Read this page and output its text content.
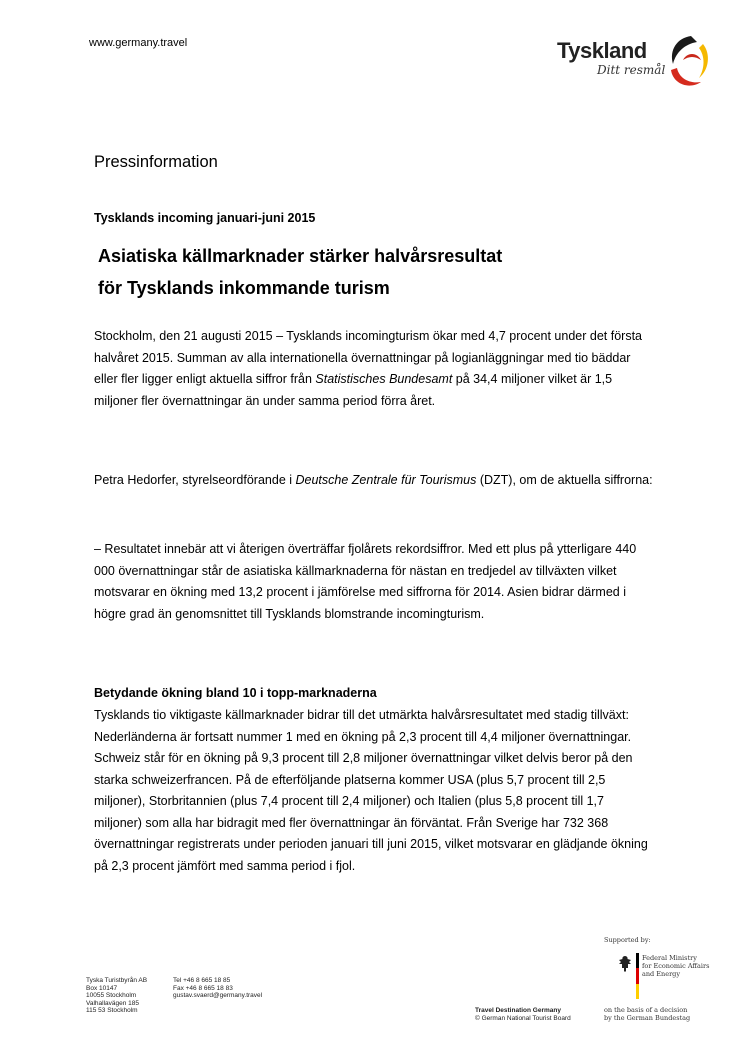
www.germany.travel	Tyskland
Ditt resmål
Pressinformation
Tysklands incoming januari-juni 2015
Asiatiska källmarknader stärker halvårsresultat
för Tysklands inkommande turism
Stockholm, den 21 augusti 2015 – Tysklands incomingturism ökar med 4,7 procent under det första halvåret 2015. Summan av alla internationella övernattningar på logianläggningar med tio bäddar eller fler ligger enligt aktuella siffror från Statistisches Bundesamt på 34,4 miljoner vilket är 1,5 miljoner fler övernattningar än under samma period förra året.
Petra Hedorfer, styrelseordförande i Deutsche Zentrale für Tourismus (DZT), om de aktuella siffrorna:
– Resultatet innebär att vi återigen överträffar fjolårets rekordsiffror. Med ett plus på ytterligare 440 000 övernattningar står de asiatiska källmarknaderna för nästan en tredjedel av tillväxten vilket motsvarar en ökning med 13,2 procent i jämförelse med siffrorna för 2014. Asien bidrar därmed i högre grad än genomsnittet till Tysklands blomstrande incomingturism.
Betydande ökning bland 10 i topp-marknaderna
Tysklands tio viktigaste källmarknader bidrar till det utmärkta halvårsresultatet med stadig tillväxt: Nederländerna är fortsatt nummer 1 med en ökning på 2,3 procent till 4,4 miljoner övernattningar. Schweiz står för en ökning på 9,3 procent till 2,8 miljoner övernattningar vilket delvis beror på den starka schweizerfrancen. På de efterföljande platserna kommer USA (plus 5,7 procent till 2,5 miljoner), Storbritannien (plus 7,4 procent till 2,4 miljoner) och Italien (plus 5,8 procent till 1,7 miljoner) som alla har bidragit med fler övernattningar än förväntat. Från Sverige har 732 368 övernattningar registrerats under perioden januari till juni 2015, vilket motsvarar en glädjande ökning på 2,3 procent jämfört med samma period i fjol.
Supported by:
Federal Ministry
for Economic Affairs
and Energy
Tyska Turistbyrån AB
Box 10147
10055 Stockholm
Valhallavägen 185
115 53 Stockholm
Tel +46 8 665 18 85
Fax +46 8 665 18 83
gustav.svaerd@germany.travel
Travel Destination Germany
© German National Tourist Board
on the basis of a decision
by the German Bundestag
